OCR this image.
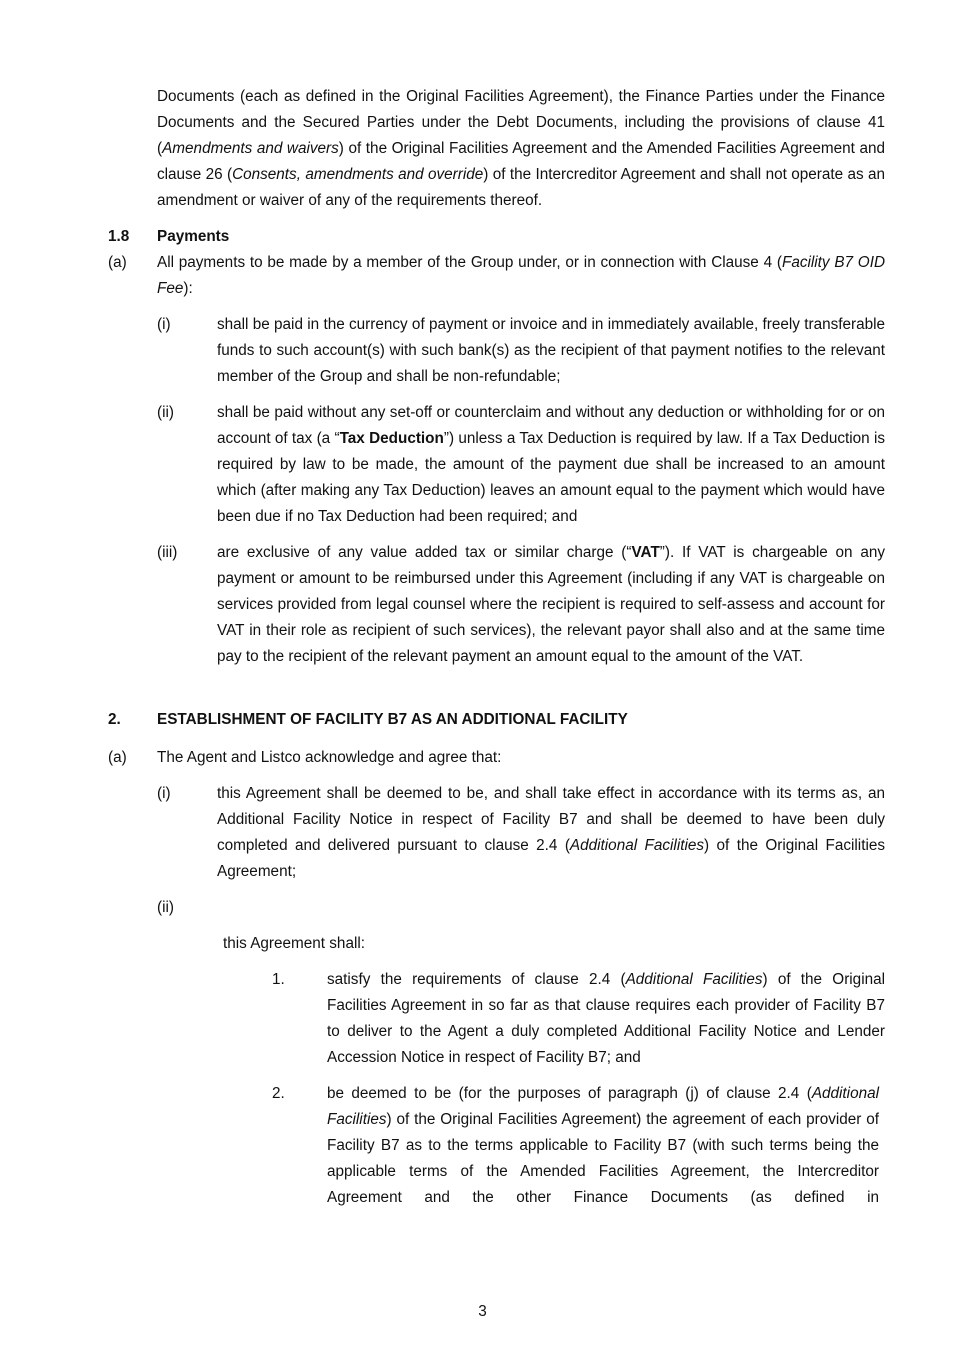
Documents (each as defined in the Original Facilities Agreement), the Finance Parties under the Finance Documents and the Secured Parties under the Debt Documents, including the provisions of clause 41 (Amendments and waivers) of the Original Facilities Agreement and the Amended Facilities Agreement and clause 26 (Consents, amendments and override) of the Intercreditor Agreement and shall not operate as an amendment or waiver of any of the requirements thereof.
1.8 Payments
(a) All payments to be made by a member of the Group under, or in connection with Clause 4 (Facility B7 OID Fee):
(i)	shall be paid in the currency of payment or invoice and in immediately available, freely transferable funds to such account(s) with such bank(s) as the recipient of that payment notifies to the relevant member of the Group and shall be non-refundable;
(ii)	shall be paid without any set-off or counterclaim and without any deduction or withholding for or on account of tax (a “Tax Deduction”) unless a Tax Deduction is required by law. If a Tax Deduction is required by law to be made, the amount of the payment due shall be increased to an amount which (after making any Tax Deduction) leaves an amount equal to the payment which would have been due if no Tax Deduction had been required; and
(iii)	are exclusive of any value added tax or similar charge (“VAT”). If VAT is chargeable on any payment or amount to be reimbursed under this Agreement (including if any VAT is chargeable on services provided from legal counsel where the recipient is required to self-assess and account for VAT in their role as recipient of such services), the relevant payor shall also and at the same time pay to the recipient of the relevant payment an amount equal to the amount of the VAT.
2. ESTABLISHMENT OF FACILITY B7 AS AN ADDITIONAL FACILITY
(a) The Agent and Listco acknowledge and agree that:
(i)	this Agreement shall be deemed to be, and shall take effect in accordance with its terms as, an Additional Facility Notice in respect of Facility B7 and shall be deemed to have been duly completed and delivered pursuant to clause 2.4 (Additional Facilities) of the Original Facilities Agreement;
(ii)
this Agreement shall:
1.	satisfy the requirements of clause 2.4 (Additional Facilities) of the Original Facilities Agreement in so far as that clause requires each provider of Facility B7 to deliver to the Agent a duly completed Additional Facility Notice and Lender Accession Notice in respect of Facility B7; and
2.	be deemed to be (for the purposes of paragraph (j) of clause 2.4 (Additional Facilities) of the Original Facilities Agreement) the agreement of each provider of Facility B7 as to the terms applicable to Facility B7 (with such terms being the applicable terms of the Amended Facilities Agreement, the Intercreditor Agreement and the other Finance Documents (as defined in
3
